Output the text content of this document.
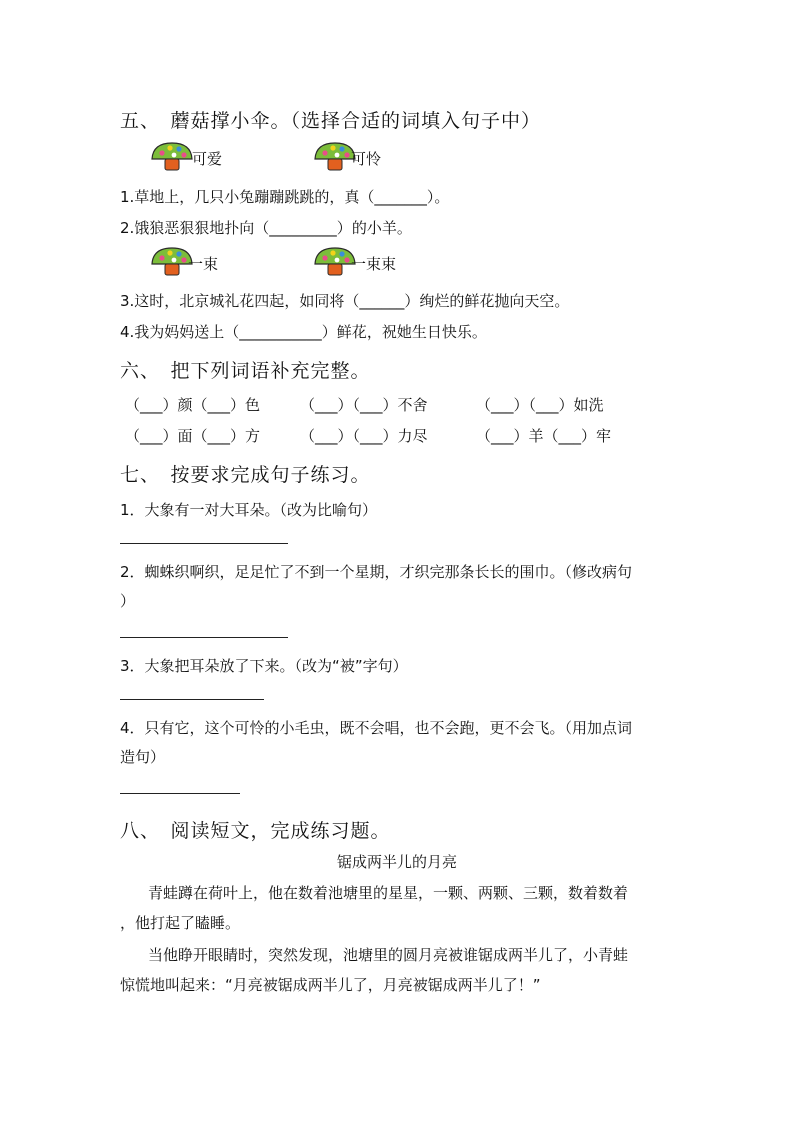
五、　蘑菇撑小伞。（选择合适的词填入句子中）
可爱	可怜
1.草地上，几只小兔蹦蹦跳跳的，真（_______）。
2.饿狼恶狠狠地扑向（_________）的小羊。
一束	一束束
3.这时，北京城礼花四起，如同将（______）绚烂的鲜花抛向天空。
4.我为妈妈送上（___________）鲜花，祝她生日快乐。
六、　把下列词语补充完整。
（___）颜（___）色	（___）（___）不舍	（___）（___）如洗
（___）面（___）方	（___）（___）力尽	（___）羊（___）牢
七、　按要求完成句子练习。
1．大象有一对大耳朵。（改为比喻句）
2．蜘蛛织啊织，足足忙了不到一个星期，才织完那条长长的围巾。（修改病句
）
3．大象把耳朵放了下来。（改为“被”字句）
4．只有它，这个可怜的小毛虫，既不会唱，也不会跑，更不会飞。（用加点词
造句）
八、　阅读短文，完成练习题。
锯成两半儿的月亮
青蛙蹲在荷叶上，他在数着池塘里的星星，一颗、两颗、三颗，数着数着
，他打起了瞌睡。
当他睁开眼睛时，突然发现，池塘里的圆月亮被谁锯成两半儿了，小青蛙
惊慌地叫起来：“月亮被锯成两半儿了，月亮被锯成两半儿了！”
